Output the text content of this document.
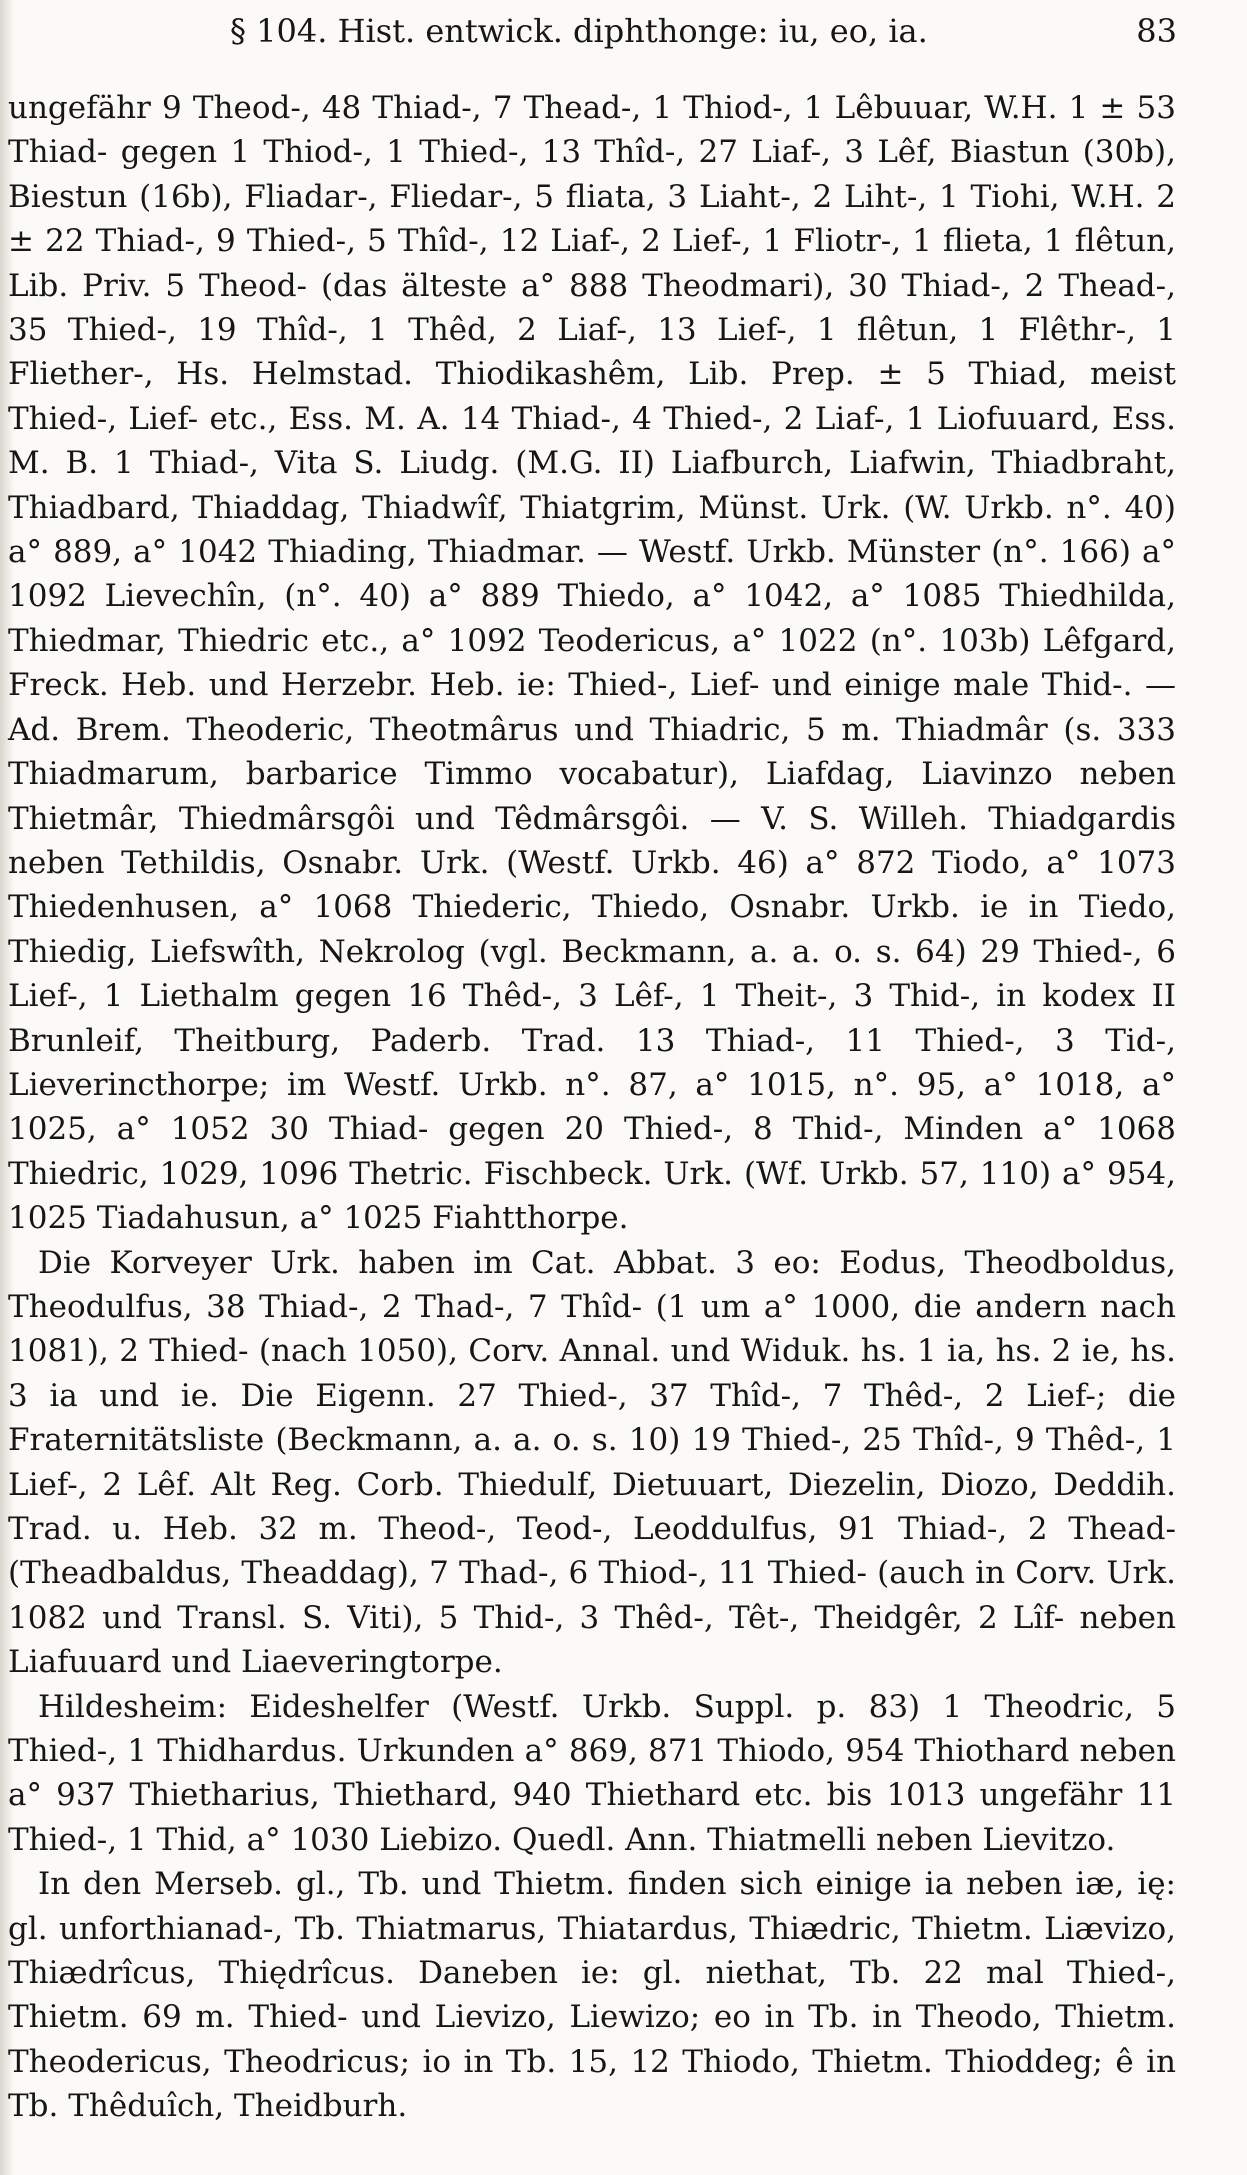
§ 104. Hist. entwick. diphthonge: iu, eo, ia.	83

ungefähr 9 Theod-, 48 Thiad-, 7 Thead-, 1 Thiod-, 1 Lêbuuar, W.H. 1 ± 53 Thiad- gegen 1 Thiod-, 1 Thied-, 13 Thîd-, 27 Liaf-, 3 Lêf, Biastun (30b), Biestun (16b), Fliadar-, Fliedar-, 5 fliata, 3 Liaht-, 2 Liht-, 1 Tiohi, W.H. 2 ± 22 Thiad-, 9 Thied-, 5 Thîd-, 12 Liaf-, 2 Lief-, 1 Fliotr-, 1 flieta, 1 flêtun, Lib. Priv. 5 Theod- (das älteste a° 888 Theodmari), 30 Thiad-, 2 Thead-, 35 Thied-, 19 Thîd-, 1 Thêd, 2 Liaf-, 13 Lief-, 1 flêtun, 1 Flêthr-, 1 Fliether-, Hs. Helmstad. Thiodikashêm, Lib. Prep. ± 5 Thiad, meist Thied-, Lief- etc., Ess. M. A. 14 Thiad-, 4 Thied-, 2 Liaf-, 1 Liofuuard, Ess. M. B. 1 Thiad-, Vita S. Liudg. (M.G. II) Liafburch, Liafwin, Thiadbraht, Thiadbard, Thiaddag, Thiadwîf, Thiatgrim, Münst. Urk. (W. Urkb. n°. 40) a° 889, a° 1042 Thiading, Thiadmar. — Westf. Urkb. Münster (n°. 166) a° 1092 Lievechîn, (n°. 40) a° 889 Thiedo, a° 1042, a° 1085 Thiedhilda, Thiedmar, Thiedric etc., a° 1092 Teodericus, a° 1022 (n°. 103b) Lêfgard, Freck. Heb. und Herzebr. Heb. ie: Thied-, Lief- und einige male Thid-. — Ad. Brem. Theoderic, Theotmârus und Thiadric, 5 m. Thiadmâr (s. 333 Thiadmarum, barbarice Timmo vocabatur), Liafdag, Liavinzo neben Thietmâr, Thiedmârsgôi und Têdmârsgôi. — V. S. Willeh. Thiadgardis neben Tethildis, Osnabr. Urk. (Westf. Urkb. 46) a° 872 Tiodo, a° 1073 Thiedenhusen, a° 1068 Thiederic, Thiedo, Osnabr. Urkb. ie in Tiedo, Thiedig, Liefswîth, Nekrolog (vgl. Beckmann, a. a. o. s. 64) 29 Thied-, 6 Lief-, 1 Liethalm gegen 16 Thêd-, 3 Lêf-, 1 Theit-, 3 Thid-, in kodex II Brunleif, Theitburg, Paderb. Trad. 13 Thiad-, 11 Thied-, 3 Tid-, Lieverincthorpe; im Westf. Urkb. n°. 87, a° 1015, n°. 95, a° 1018, a° 1025, a° 1052 30 Thiad- gegen 20 Thied-, 8 Thid-, Minden a° 1068 Thiedric, 1029, 1096 Thetric. Fischbeck. Urk. (Wf. Urkb. 57, 110) a° 954, 1025 Tiadahusun, a° 1025 Fiahtthorpe.

Die Korveyer Urk. haben im Cat. Abbat. 3 eo: Eodus, Theodboldus, Theodulfus, 38 Thiad-, 2 Thad-, 7 Thîd- (1 um a° 1000, die andern nach 1081), 2 Thied- (nach 1050), Corv. Annal. und Widuk. hs. 1 ia, hs. 2 ie, hs. 3 ia und ie. Die Eigenn. 27 Thied-, 37 Thîd-, 7 Thêd-, 2 Lief-; die Fraternitätsliste (Beckmann, a. a. o. s. 10) 19 Thied-, 25 Thîd-, 9 Thêd-, 1 Lief-, 2 Lêf. Alt Reg. Corb. Thiedulf, Dietuuart, Diezelin, Diozo, Deddih. Trad. u. Heb. 32 m. Theod-, Teod-, Leoddulfus, 91 Thiad-, 2 Thead- (Theadbaldus, Theaddag), 7 Thad-, 6 Thiod-, 11 Thied- (auch in Corv. Urk. 1082 und Transl. S. Viti), 5 Thid-, 3 Thêd-, Têt-, Theidgêr, 2 Lîf- neben Liafuuard und Liaeveringtorpe.

Hildesheim: Eideshelfer (Westf. Urkb. Suppl. p. 83) 1 Theodric, 5 Thied-, 1 Thidhardus. Urkunden a° 869, 871 Thiodo, 954 Thiothard neben a° 937 Thietharius, Thiethard, 940 Thiethard etc. bis 1013 ungefähr 11 Thied-, 1 Thid, a° 1030 Liebizo. Quedl. Ann. Thiatmelli neben Lievitzo.

In den Merseb. gl., Tb. und Thietm. finden sich einige ia neben iæ, ię: gl. unforthianad-, Tb. Thiatmarus, Thiatardus, Thiædric, Thietm. Liævizo, Thiædrîcus, Thiędrîcus. Daneben ie: gl. niethat, Tb. 22 mal Thied-, Thietm. 69 m. Thied- und Lievizo, Liewizo; eo in Tb. in Theodo, Thietm. Theodericus, Theodricus; io in Tb. 15, 12 Thiodo, Thietm. Thioddeg; ê in Tb. Thêduîch, Theidburh.
